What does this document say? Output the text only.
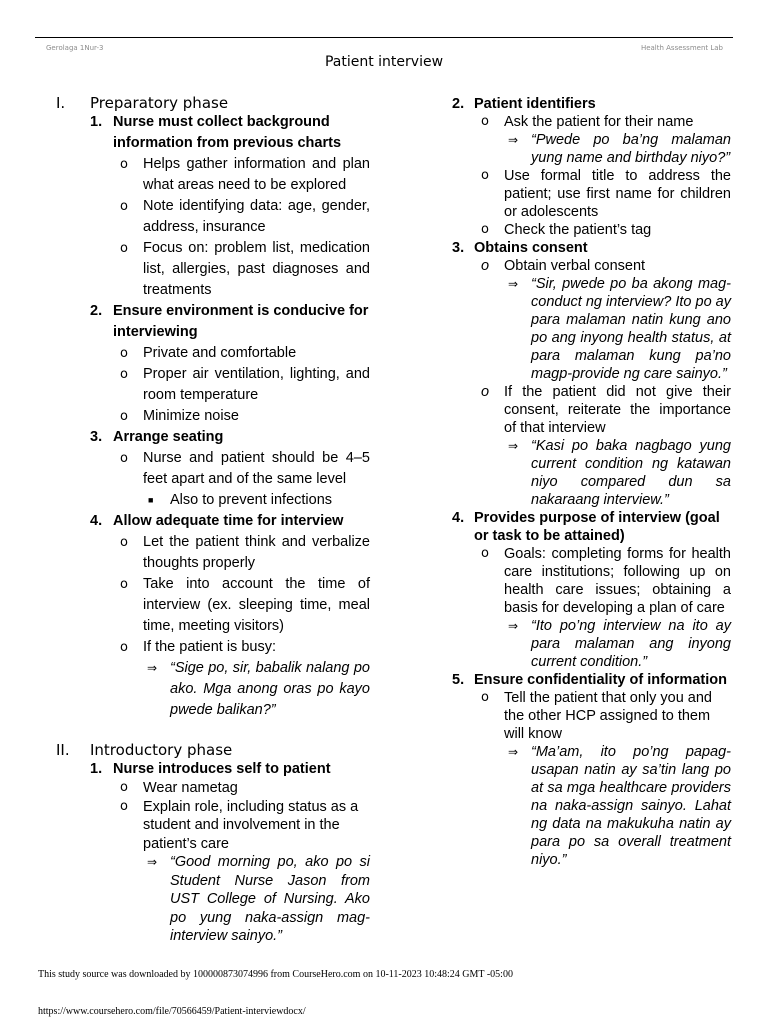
Gerolaga 1Nur-3	Health Assessment Lab
Patient interview
I. Preparatory phase
1. Nurse must collect background information from previous charts
o Helps gather information and plan what areas need to be explored
o Note identifying data: age, gender, address, insurance
o Focus on: problem list, medication list, allergies, past diagnoses and treatments
2. Ensure environment is conducive for interviewing
o Private and comfortable
o Proper air ventilation, lighting, and room temperature
o Minimize noise
3. Arrange seating
o Nurse and patient should be 4–5 feet apart and of the same level
■ Also to prevent infections
4. Allow adequate time for interview
o Let the patient think and verbalize thoughts properly
o Take into account the time of interview (ex. sleeping time, meal time, meeting visitors)
o If the patient is busy:
⇒ “Sige po, sir, babalik nalang po ako. Mga anong oras po kayo pwede balikan?”
II. Introductory phase
1. Nurse introduces self to patient
o Wear nametag
o Explain role, including status as a student and involvement in the patient’s care
⇒ “Good morning po, ako po si Student Nurse Jason from UST College of Nursing. Ako po yung naka-assign mag-interview sainyo.”
2. Patient identifiers
o Ask the patient for their name
⇒ “Pwede po ba’ng malaman yung name and birthday niyo?”
o Use formal title to address the patient; use first name for children or adolescents
o Check the patient’s tag
3. Obtains consent
o Obtain verbal consent
⇒ “Sir, pwede po ba akong mag-conduct ng interview? Ito po ay para malaman natin kung ano po ang inyong health status, at para malaman kung pa’no magp-provide ng care sainyo.”
o If the patient did not give their consent, reiterate the importance of that interview
⇒ “Kasi po baka nagbago yung current condition ng katawan niyo compared dun sa nakaraang interview.”
4. Provides purpose of interview (goal or task to be attained)
o Goals: completing forms for health care institutions; following up on health care issues; obtaining a basis for developing a plan of care
⇒ “Ito po’ng interview na ito ay para malaman ang inyong current condition.”
5. Ensure confidentiality of information
o Tell the patient that only you and the other HCP assigned to them will know
⇒ “Ma’am, ito po’ng papag-usapan natin ay sa’tin lang po at sa mga healthcare providers na naka-assign sainyo. Lahat ng data na makukuha natin ay para po sa overall treatment niyo.”
This study source was downloaded by 100000873074996 from CourseHero.com on 10-11-2023 10:48:24 GMT -05:00
https://www.coursehero.com/file/70566459/Patient-interviewdocx/
